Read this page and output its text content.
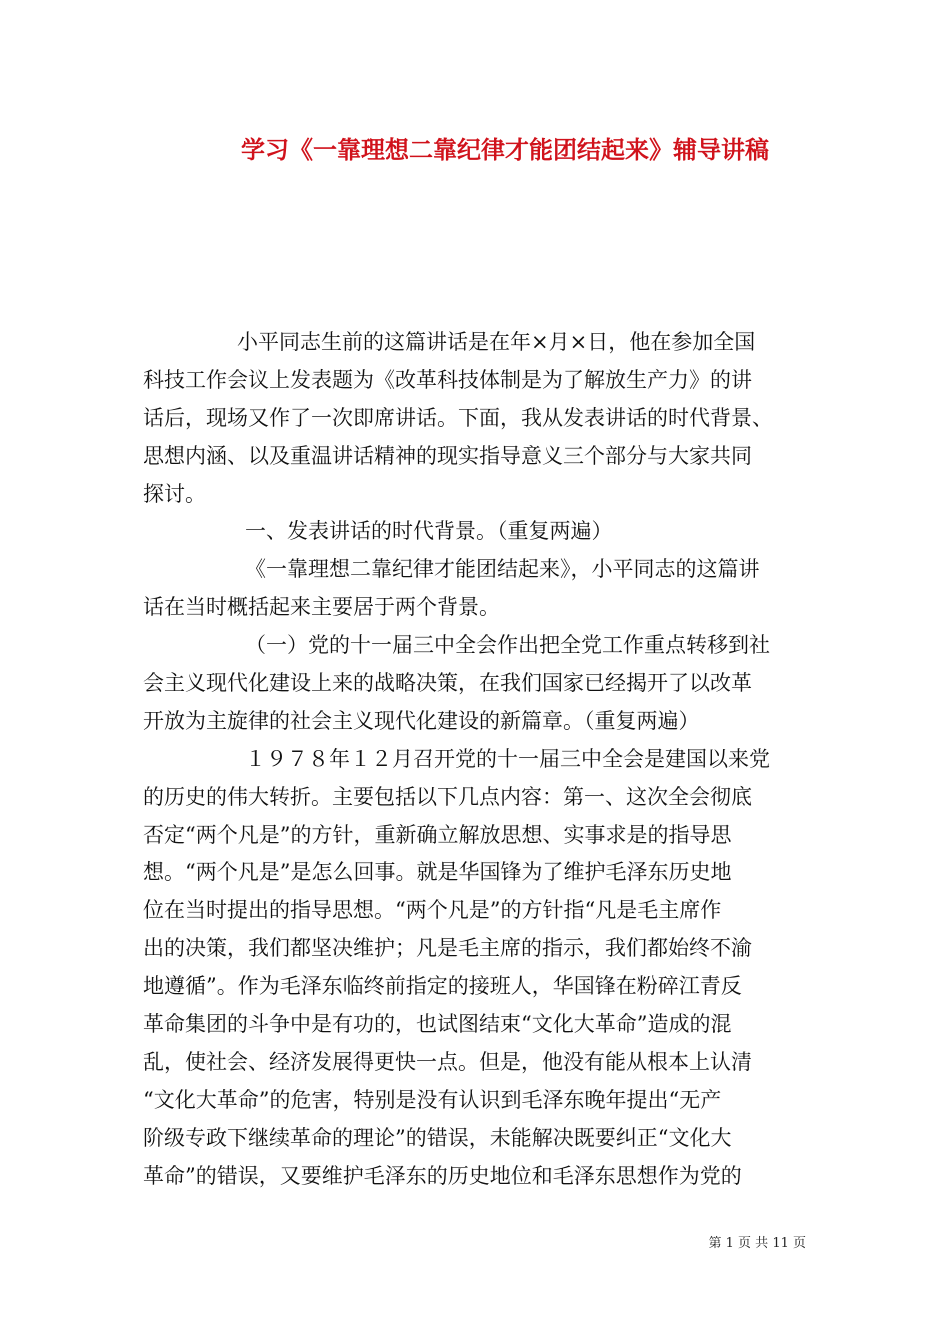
学习《一靠理想二靠纪律才能团结起来》辅导讲稿
小平同志生前的这篇讲话是在年×月×日，他在参加全国
科技工作会议上发表题为《改革科技体制是为了解放生产力》的讲
话后，现场又作了一次即席讲话。下面，我从发表讲话的时代背景、
思想内涵、以及重温讲话精神的现实指导意义三个部分与大家共同
探讨。
一、发表讲话的时代背景。（重复两遍）
《一靠理想二靠纪律才能团结起来》，小平同志的这篇讲
话在当时概括起来主要居于两个背景。
（一）党的十一届三中全会作出把全党工作重点转移到社
会主义现代化建设上来的战略决策，在我们国家已经揭开了以改革
开放为主旋律的社会主义现代化建设的新篇章。（重复两遍）
１９７８年１２月召开党的十一届三中全会是建国以来党
的历史的伟大转折。主要包括以下几点内容：第一、这次全会彻底
否定“两个凡是”的方针，重新确立解放思想、实事求是的指导思
想。“两个凡是”是怎么回事。就是华国锋为了维护毛泽东历史地
位在当时提出的指导思想。“两个凡是”的方针指“凡是毛主席作
出的决策，我们都坚决维护；凡是毛主席的指示，我们都始终不渝
地遵循”。作为毛泽东临终前指定的接班人，华国锋在粉碎江青反
革命集团的斗争中是有功的，也试图结束“文化大革命”造成的混
乱，使社会、经济发展得更快一点。但是，他没有能从根本上认清
“文化大革命”的危害，特别是没有认识到毛泽东晚年提出“无产
阶级专政下继续革命的理论”的错误，未能解决既要纠正“文化大
革命”的错误，又要维护毛泽东的历史地位和毛泽东思想作为党的
第 1 页 共 11 页
